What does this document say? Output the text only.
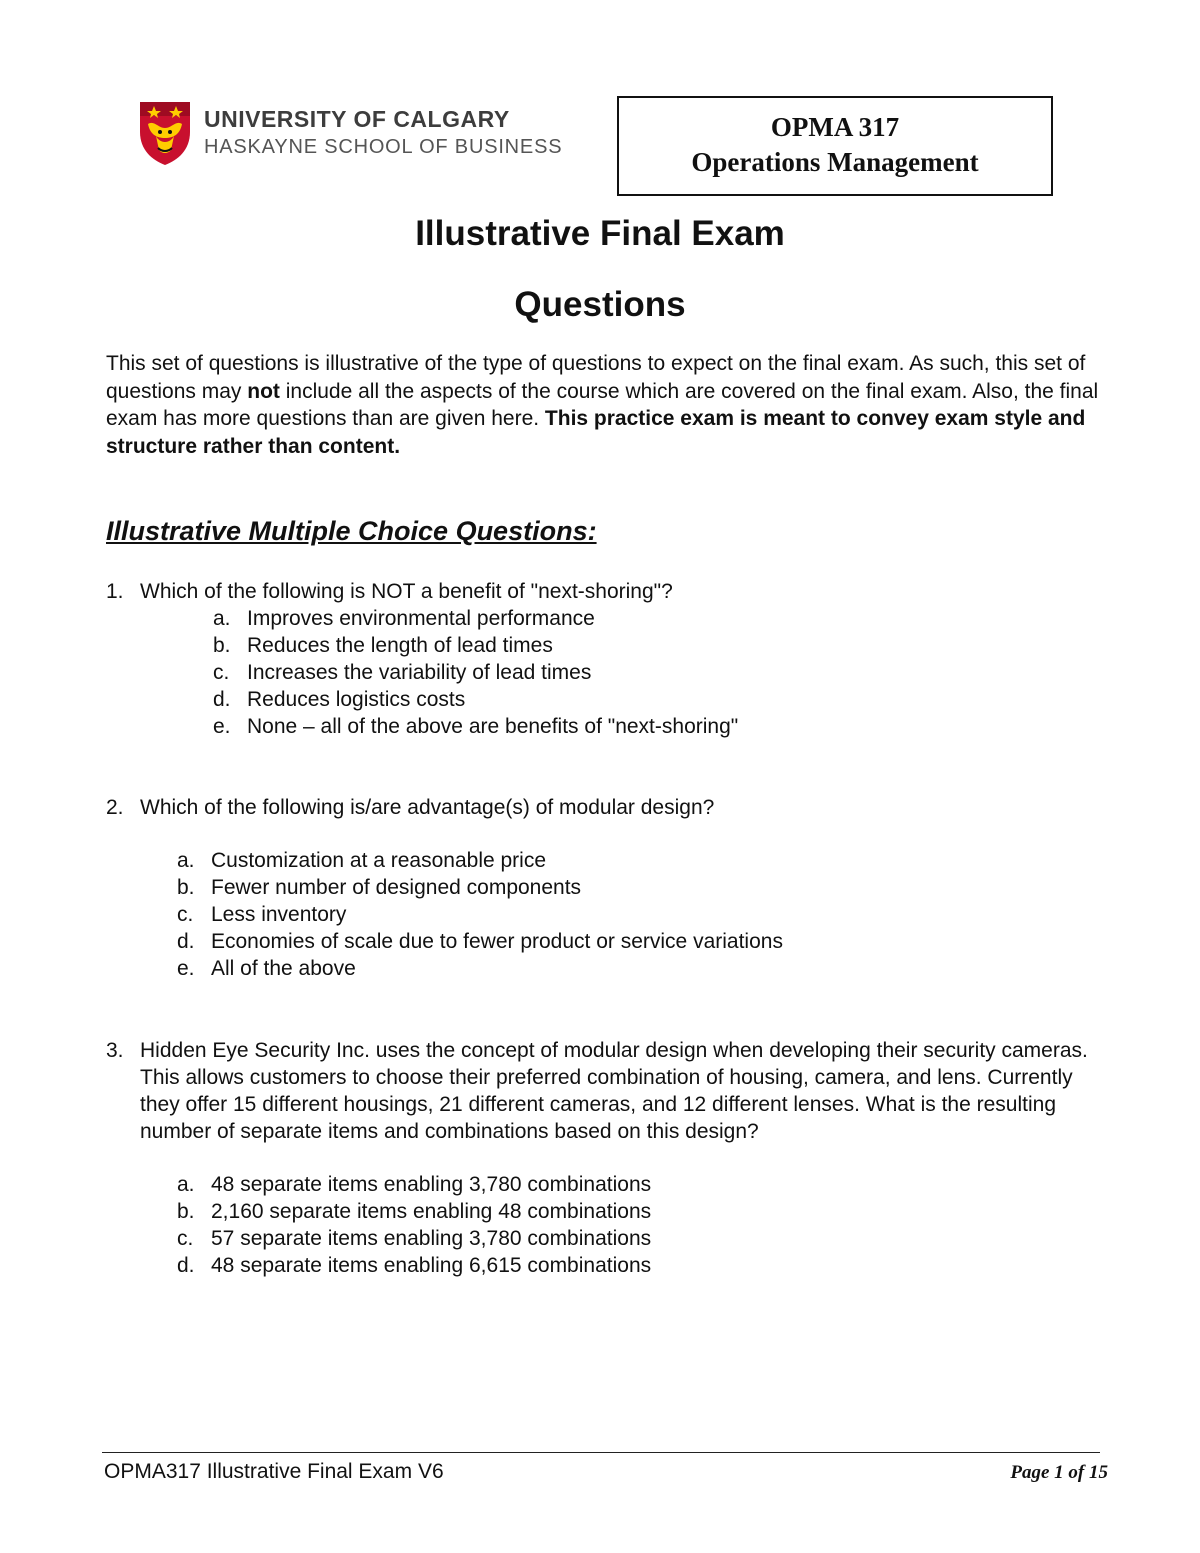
UNIVERSITY OF CALGARY
HASKAYNE SCHOOL OF BUSINESS
OPMA 317
Operations Management
Illustrative Final Exam
Questions
This set of questions is illustrative of the type of questions to expect on the final exam. As such, this set of questions may not include all the aspects of the course which are covered on the final exam. Also, the final exam has more questions than are given here. This practice exam is meant to convey exam style and structure rather than content.
Illustrative Multiple Choice Questions:
1. Which of the following is NOT a benefit of "next-shoring"?
a. Improves environmental performance
b. Reduces the length of lead times
c. Increases the variability of lead times
d. Reduces logistics costs
e. None – all of the above are benefits of "next-shoring"
2. Which of the following is/are advantage(s) of modular design?
a. Customization at a reasonable price
b. Fewer number of designed components
c. Less inventory
d. Economies of scale due to fewer product or service variations
e. All of the above
3. Hidden Eye Security Inc. uses the concept of modular design when developing their security cameras. This allows customers to choose their preferred combination of housing, camera, and lens. Currently they offer 15 different housings, 21 different cameras, and 12 different lenses. What is the resulting number of separate items and combinations based on this design?
a. 48 separate items enabling 3,780 combinations
b. 2,160 separate items enabling 48 combinations
c. 57 separate items enabling 3,780 combinations
d. 48 separate items enabling 6,615 combinations
OPMA317 Illustrative Final Exam V6	Page 1 of 15
